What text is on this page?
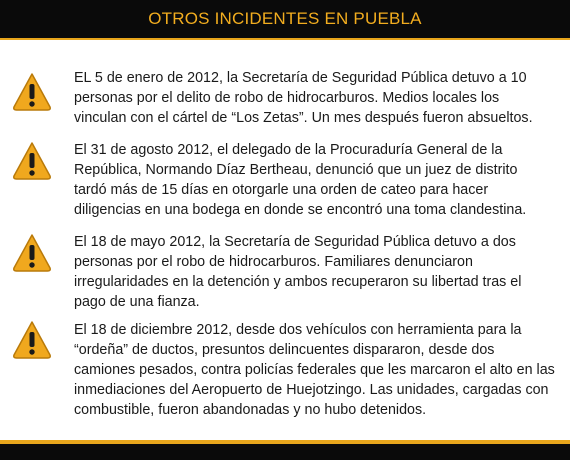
OTROS INCIDENTES EN PUEBLA
EL 5 de enero de 2012, la Secretaría de Seguridad Pública detuvo a 10
personas por el delito de robo de hidrocarburos. Medios locales los
vinculan con el cártel de “Los Zetas”. Un mes después fueron absueltos.
El 31 de agosto 2012, el delegado de la Procuraduría General de la
República, Normando Díaz Bertheau, denunció que un juez de distrito
tardó más de 15 días en otorgarle una orden de cateo para hacer
diligencias en una bodega en donde se encontró una toma clandestina.
El 18 de mayo 2012, la Secretaría de Seguridad Pública detuvo a dos
personas por el robo de hidrocarburos. Familiares denunciaron
irregularidades en la detención y ambos recuperaron su libertad tras el
pago de una fianza.
El 18 de diciembre 2012, desde dos vehículos con herramienta para la
“ordeña” de ductos, presuntos delincuentes dispararon, desde dos
camiones pesados, contra policías federales que les marcaron el alto en las
inmediaciones del Aeropuerto de Huejotzingo. Las unidades, cargadas con
combustible, fueron abandonadas y no hubo detenidos.
